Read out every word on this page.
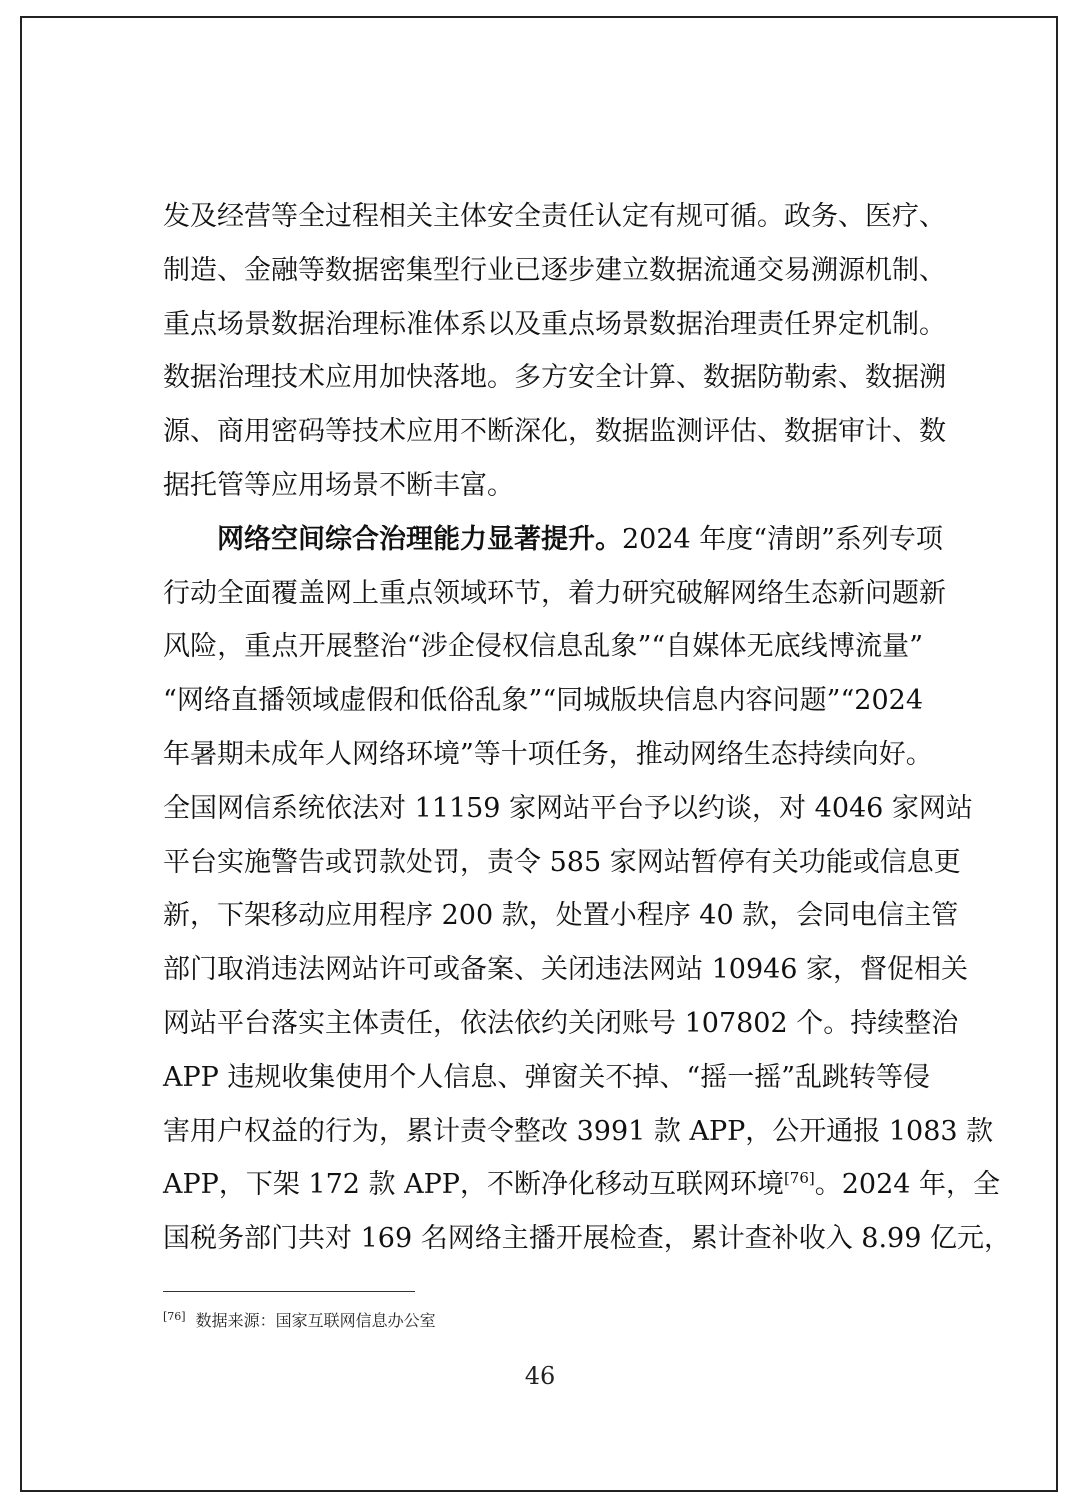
发及经营等全过程相关主体安全责任认定有规可循。政务、医疗、
制造、金融等数据密集型行业已逐步建立数据流通交易溯源机制、
重点场景数据治理标准体系以及重点场景数据治理责任界定机制。
数据治理技术应用加快落地。多方安全计算、数据防勒索、数据溯
源、商用密码等技术应用不断深化，数据监测评估、数据审计、数
据托管等应用场景不断丰富。
网络空间综合治理能力显著提升。2024 年度“清朗”系列专项
行动全面覆盖网上重点领域环节，着力研究破解网络生态新问题新
风险，重点开展整治“涉企侵权信息乱象”“自媒体无底线博流量”
“网络直播领域虚假和低俗乱象”“同城版块信息内容问题”“2024
年暑期未成年人网络环境”等十项任务，推动网络生态持续向好。
全国网信系统依法对 11159 家网站平台予以约谈，对 4046 家网站
平台实施警告或罚款处罚，责令 585 家网站暂停有关功能或信息更
新，下架移动应用程序 200 款，处置小程序 40 款，会同电信主管
部门取消违法网站许可或备案、关闭违法网站 10946 家，督促相关
网站平台落实主体责任，依法依约关闭账号 107802 个。持续整治
APP 违规收集使用个人信息、弹窗关不掉、“摇一摇”乱跳转等侵
害用户权益的行为，累计责令整改 3991 款 APP，公开通报 1083 款
APP，下架 172 款 APP，不断净化移动互联网环境[76]。2024 年，全
国税务部门共对 169 名网络主播开展检查，累计查补收入 8.99 亿元，
[76] 数据来源：国家互联网信息办公室
46
